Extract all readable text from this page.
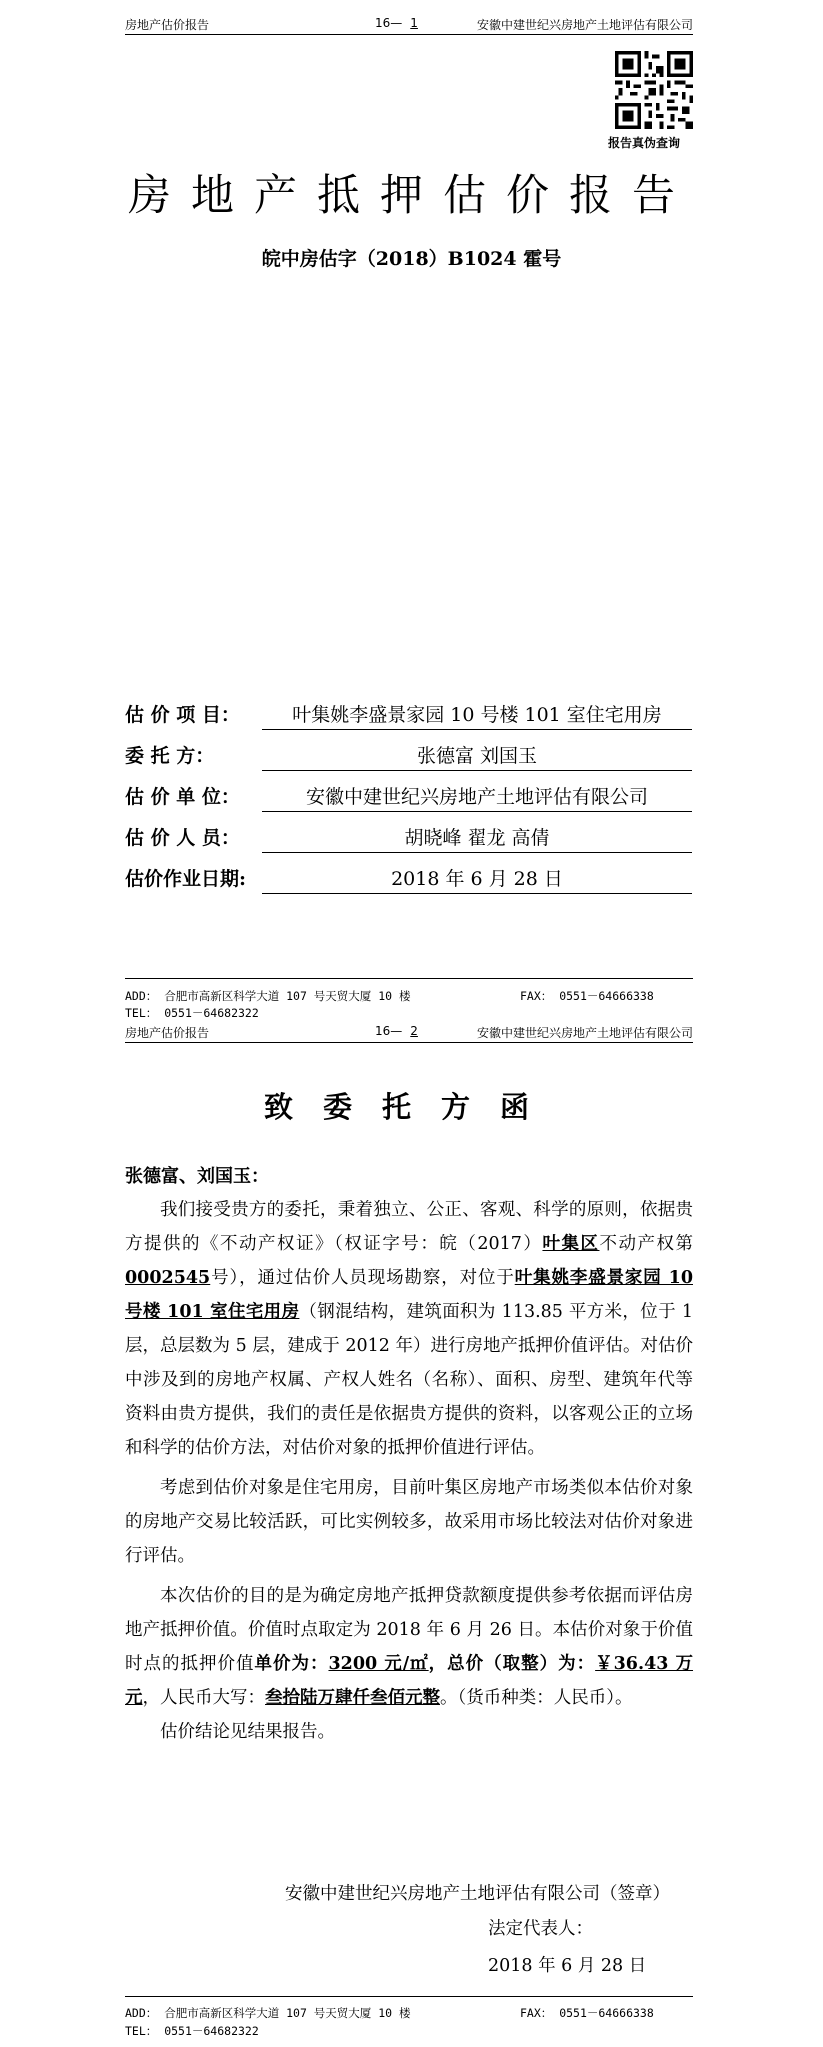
房地产估价报告	16— 1	安徽中建世纪兴房地产土地评估有限公司
报告真伪查询
房地产抵押估价报告
皖中房估字（2018）B1024 霍号
估 价 项 目：	叶集姚李盛景家园 10 号楼 101 室住宅用房
委 托 方：	张德富 刘国玉
估 价 单 位：	安徽中建世纪兴房地产土地评估有限公司
估 价 人 员：	胡晓峰 翟龙 高倩
估价作业日期:	2018 年 6 月 28 日
ADD： 合肥市高新区科学大道 107 号天贸大厦 10 楼	FAX： 0551－64666338
TEL： 0551－64682322
房地产估价报告	16— 2	安徽中建世纪兴房地产土地评估有限公司
致委托方函
张德富、刘国玉：

我们接受贵方的委托，秉着独立、公正、客观、科学的原则，依据贵方提供的《不动产权证》（权证字号：皖（2017）叶集区不动产权第0002545号），通过估价人员现场勘察，对位于叶集姚李盛景家园 10 号楼 101 室住宅用房（钢混结构，建筑面积为 113.85 平方米，位于 1 层，总层数为 5 层，建成于 2012 年）进行房地产抵押价值评估。对估价中涉及到的房地产权属、产权人姓名（名称）、面积、房型、建筑年代等资料由贵方提供，我们的责任是依据贵方提供的资料，以客观公正的立场和科学的估价方法，对估价对象的抵押价值进行评估。

考虑到估价对象是住宅用房，目前叶集区房地产市场类似本估价对象的房地产交易比较活跃，可比实例较多，故采用市场比较法对估价对象进行评估。

本次估价的目的是为确定房地产抵押贷款额度提供参考依据而评估房地产抵押价值。价值时点取定为 2018 年 6 月 26 日。本估价对象于价值时点的抵押价值单价为：3200 元/㎡，总价（取整）为：￥36.43 万元，人民币大写：叁拾陆万肆仟叁佰元整。（货币种类：人民币）。

估价结论见结果报告。

安徽中建世纪兴房地产土地评估有限公司（签章）
法定代表人：
2018 年 6 月 28 日
ADD： 合肥市高新区科学大道 107 号天贸大厦 10 楼	FAX： 0551－64666338
TEL： 0551－64682322
